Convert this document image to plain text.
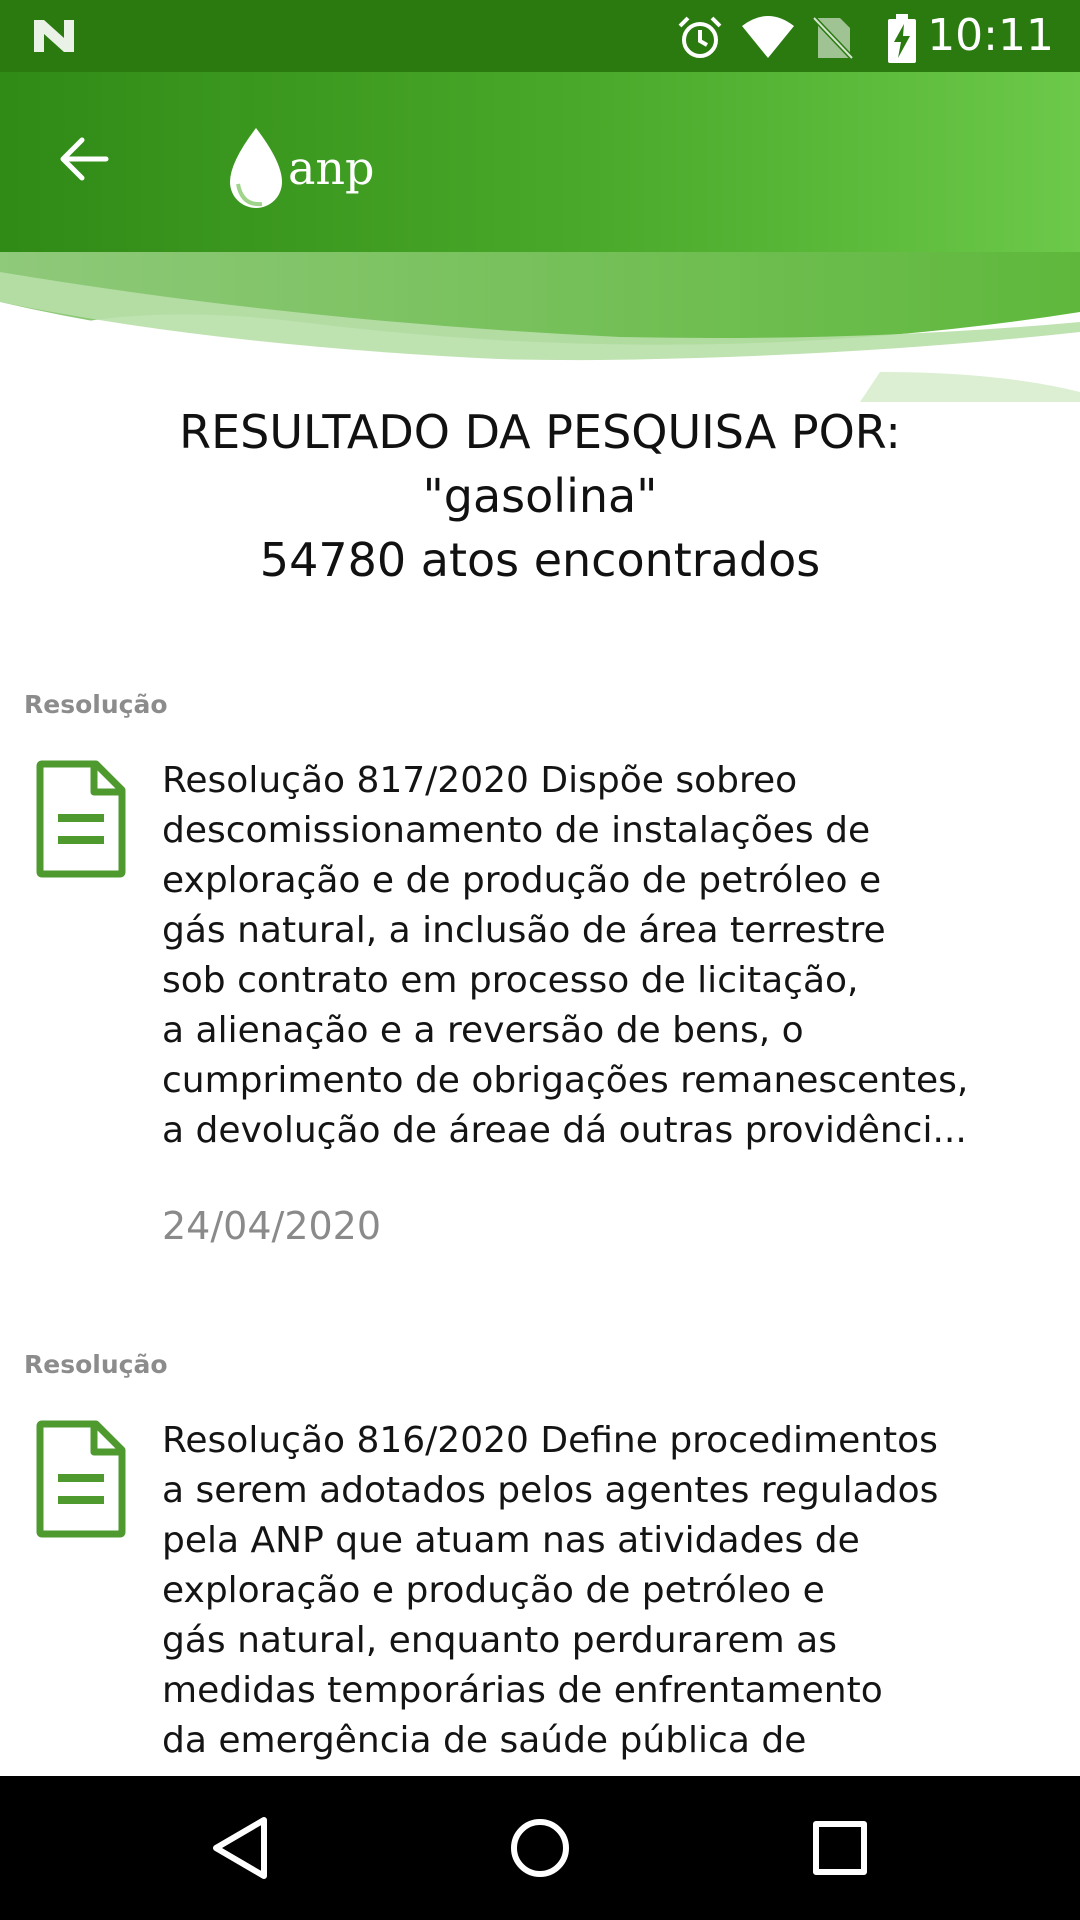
10:11
anp
RESULTADO DA PESQUISA POR:
"gasolina"
54780 atos encontrados
Resolução
Resolução 817/2020 Dispõe sobreo
descomissionamento de instalações de
exploração e de produção de petróleo e
gás natural, a inclusão de área terrestre
sob contrato em processo de licitação,
a alienação e a reversão de bens, o
cumprimento de obrigações remanescentes,
a devolução de áreae dá outras providênci...
24/04/2020
Resolução
Resolução 816/2020 Define procedimentos
a serem adotados pelos agentes regulados
pela ANP que atuam nas atividades de
exploração e produção de petróleo e
gás natural, enquanto perdurarem as
medidas temporárias de enfrentamento
da emergência de saúde pública de
